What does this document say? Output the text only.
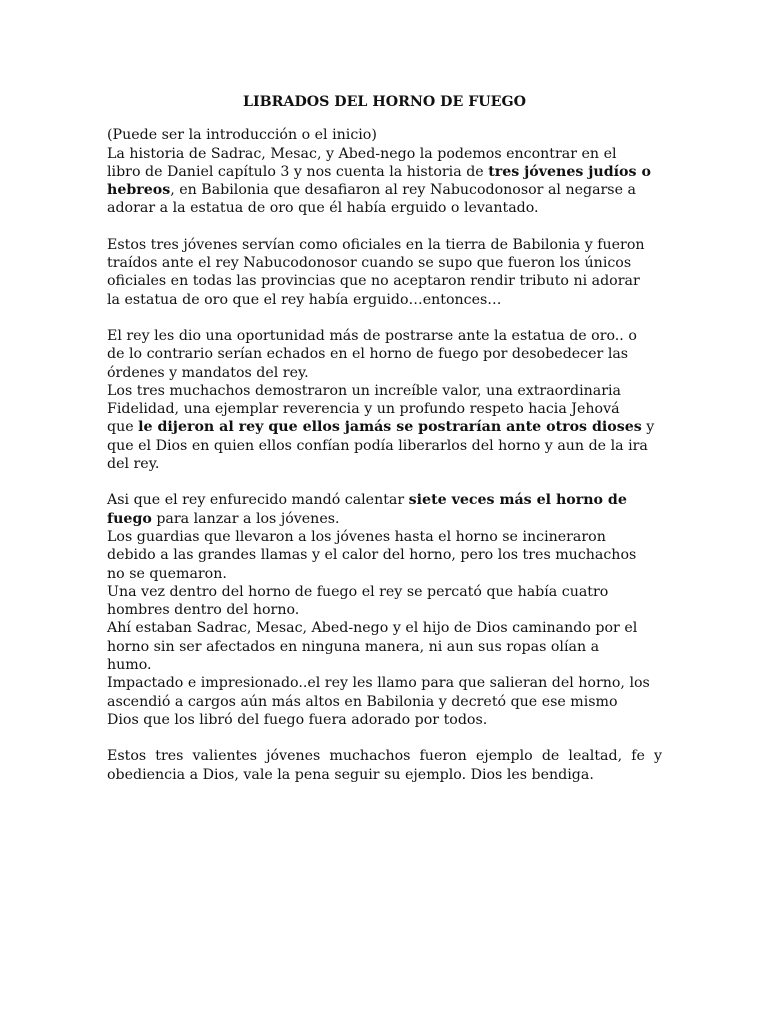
LIBRADOS DEL HORNO DE FUEGO
(Puede ser la introducción o el inicio)
La historia de Sadrac, Mesac, y Abed-nego la podemos encontrar en el
libro de Daniel capítulo 3 y nos cuenta la historia de tres jóvenes judíos o
hebreos, en Babilonia que desafiaron al rey Nabucodonosor al negarse a
adorar a la estatua de oro que él había erguido o levantado.
Estos tres jóvenes servían como oficiales en la tierra de Babilonia y fueron
traídos ante el rey Nabucodonosor cuando se supo que fueron los únicos
oficiales en todas las provincias que no aceptaron rendir tributo ni adorar
la estatua de oro que el rey había erguido…entonces…
El rey les dio una oportunidad más de postrarse ante la estatua de oro.. o
de lo contrario serían echados en el horno de fuego por desobedecer las
órdenes y mandatos del rey.
Los tres muchachos demostraron un increíble valor, una extraordinaria
Fidelidad, una ejemplar reverencia y un profundo respeto hacia Jehová
que le dijeron al rey que ellos jamás se postrarían ante otros dioses y
que el Dios en quien ellos confían podía liberarlos del horno y aun de la ira
del rey.
Asi que el rey enfurecido mandó calentar siete veces más el horno de
fuego para lanzar a los jóvenes.
Los guardias que llevaron a los jóvenes hasta el horno se incineraron
debido a las grandes llamas y el calor del horno, pero los tres muchachos
no se quemaron.
Una vez dentro del horno de fuego el rey se percató que había cuatro
hombres dentro del horno.
Ahí estaban Sadrac, Mesac, Abed-nego y el hijo de Dios caminando por el
horno sin ser afectados en ninguna manera, ni aun sus ropas olían a
humo.
Impactado e impresionado..el rey les llamo para que salieran del horno, los
ascendió a cargos aún más altos en Babilonia y decretó que ese mismo
Dios que los libró del fuego fuera adorado por todos.
Estos tres valientes jóvenes muchachos fueron ejemplo de lealtad, fe y
obediencia a Dios, vale la pena seguir su ejemplo. Dios les bendiga.
